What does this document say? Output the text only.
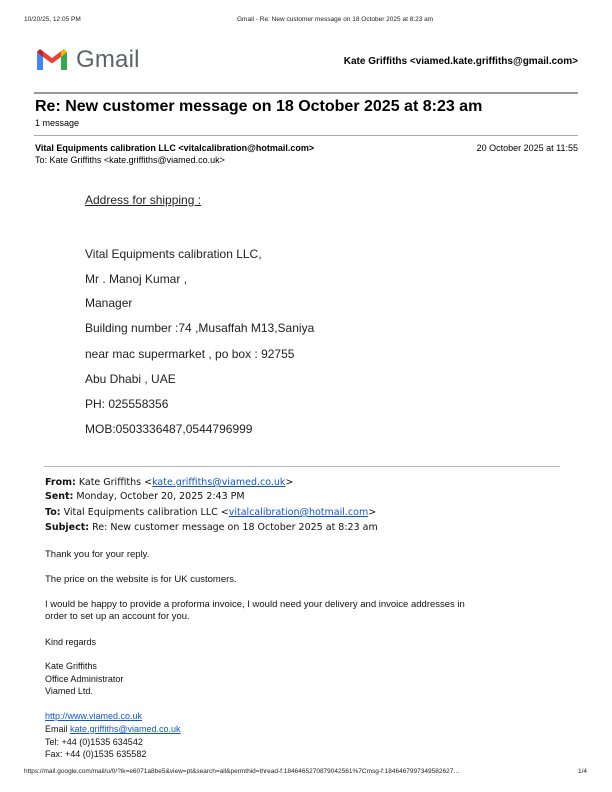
10/20/25, 12:05 PM	Gmail - Re: New customer message on 18 October 2025 at 8:23 am
Gmail	Kate Griffiths <viamed.kate.griffiths@gmail.com>
Re: New customer message on 18 October 2025 at 8:23 am
1 message
Vital Equipments calibration LLC <vitalcalibration@hotmail.com>	20 October 2025 at 11:55
To: Kate Griffiths <kate.griffiths@viamed.co.uk>
Address for shipping :
Vital Equipments calibration LLC,
Mr . Manoj Kumar ,
Manager
Building number :74 ,Musaffah M13,Saniya
near mac supermarket , po box : 92755
Abu Dhabi , UAE
PH: 025558356
MOB:0503336487,0544796999
From: Kate Griffiths <kate.griffiths@viamed.co.uk>
Sent: Monday, October 20, 2025 2:43 PM
To: Vital Equipments calibration LLC <vitalcalibration@hotmail.com>
Subject: Re: New customer message on 18 October 2025 at 8:23 am
Thank you for your reply.
The price on the website is for UK customers.
I would be happy to provide a proforma invoice, I would need your delivery and invoice addresses in
order to set up an account for you.
Kind regards
Kate Griffiths
Office Administrator
Viamed Ltd.
http://www.viamed.co.uk
Email kate.griffiths@viamed.co.uk
Tel: +44 (0)1535 634542
Fax: +44 (0)1535 635582
https://mail.google.com/mail/u/0/?ik=e6071a8be5&view=pt&search=all&permthid=thread-f:1846465270879042561%7Cmsg-f:1846467997349582627…	1/4
